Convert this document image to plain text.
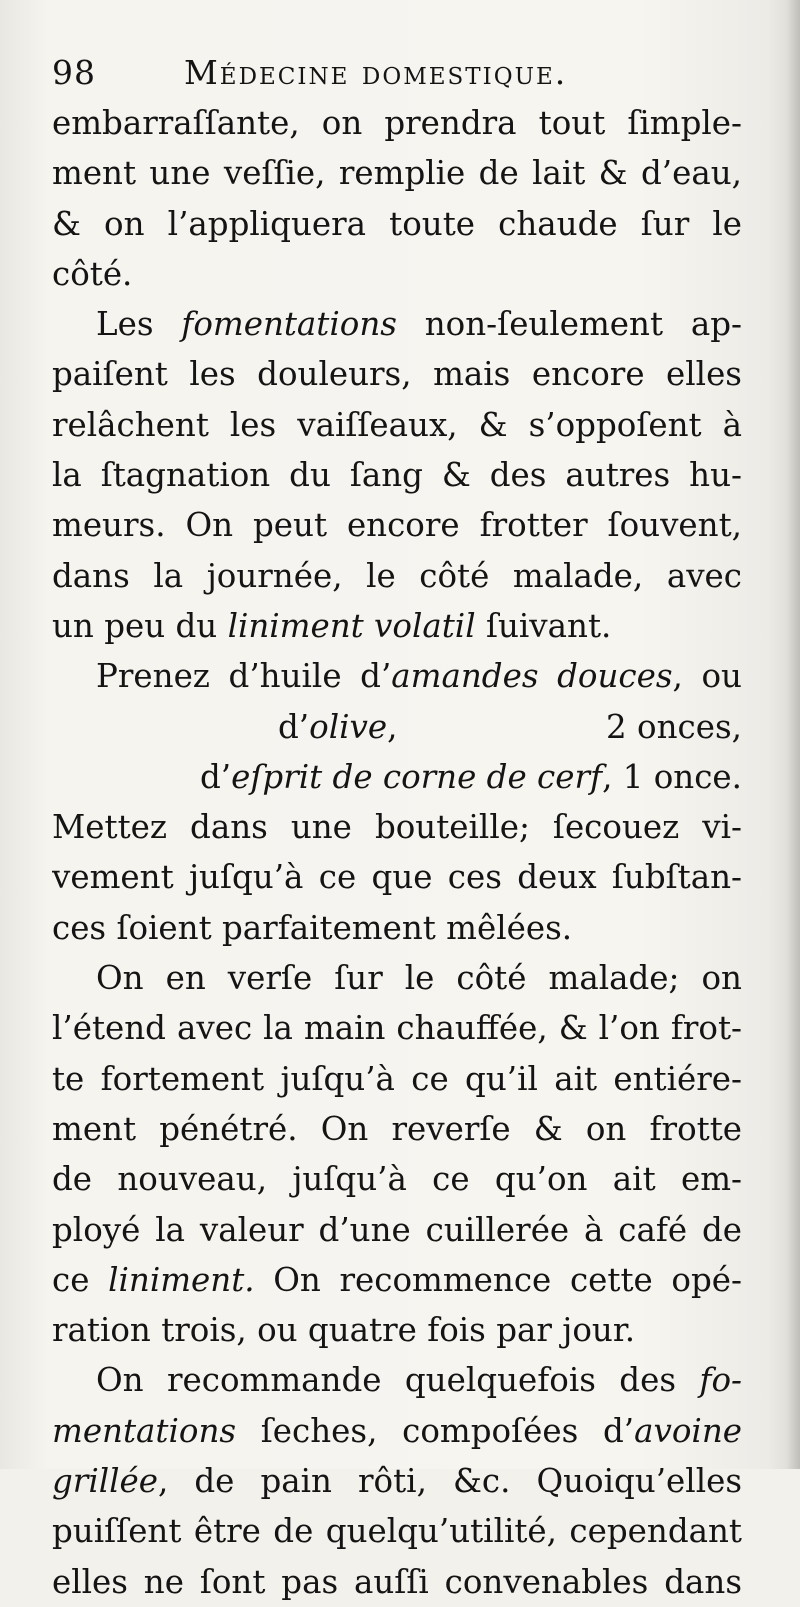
98	Médecine domestique.
embarraſſante, on prendra tout ſimple-
ment une veſſie, remplie de lait & d’eau,
& on l’appliquera toute chaude ſur le
côté.
Les fomentations non-ſeulement ap-
paiſent les douleurs, mais encore elles
relâchent les vaiſſeaux, & s’oppoſent à
la ſtagnation du ſang & des autres hu-
meurs. On peut encore frotter ſouvent,
dans la journée, le côté malade, avec
un peu du liniment volatil ſuivant.
Prenez d’huile d’amandes douces, ou
d’olive,	2 onces,
d’eſprit de corne de cerf, 1 once.
Mettez dans une bouteille; ſecouez vi-
vement juſqu’à ce que ces deux ſubſtan-
ces ſoient parfaitement mêlées.
On en verſe ſur le côté malade; on
l’étend avec la main chauffée, & l’on frot-
te fortement juſqu’à ce qu’il ait entiére-
ment pénétré. On reverſe & on frotte
de nouveau, juſqu’à ce qu’on ait em-
ployé la valeur d’une cuillerée à café de
ce liniment. On recommence cette opé-
ration trois, ou quatre fois par jour.
On recommande quelquefois des fo-
mentations ſeches, compoſées d’avoine
grillée, de pain rôti, &c. Quoiqu’elles
puiſſent être de quelqu’utilité, cependant
elles ne ſont pas auſſi convenables dans
